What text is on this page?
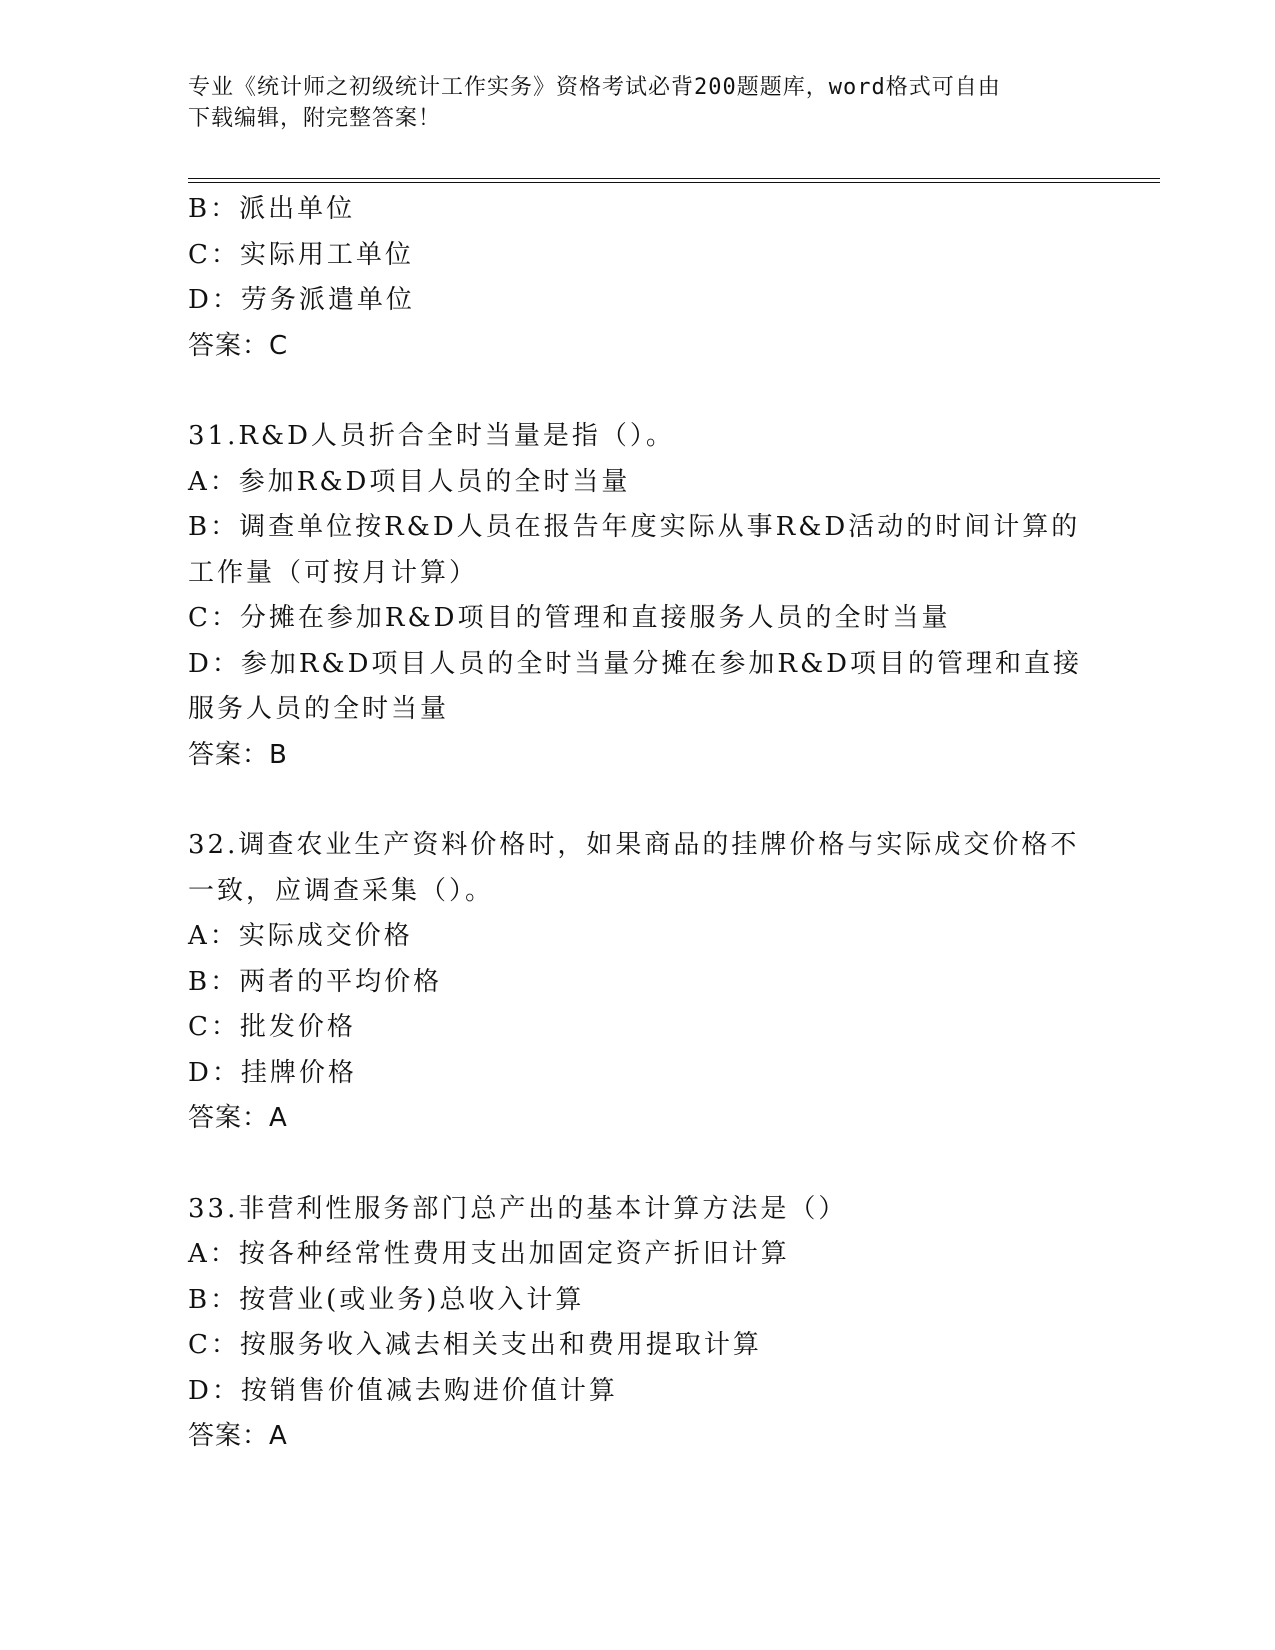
专业《统计师之初级统计工作实务》资格考试必背200题题库，word格式可自由
下载编辑，附完整答案！
B：派出单位
C：实际用工单位
D：劳务派遣单位
答案：C
31.R&D人员折合全时当量是指（）。
A：参加R&D项目人员的全时当量
B：调查单位按R&D人员在报告年度实际从事R&D活动的时间计算的工作量（可按月计算）
C：分摊在参加R&D项目的管理和直接服务人员的全时当量
D：参加R&D项目人员的全时当量分摊在参加R&D项目的管理和直接服务人员的全时当量
答案：B
32.调查农业生产资料价格时，如果商品的挂牌价格与实际成交价格不一致，应调查采集（）。
A：实际成交价格
B：两者的平均价格
C：批发价格
D：挂牌价格
答案：A
33.非营利性服务部门总产出的基本计算方法是（）
A：按各种经常性费用支出加固定资产折旧计算
B：按营业(或业务)总收入计算
C：按服务收入减去相关支出和费用提取计算
D：按销售价值减去购进价值计算
答案：A
